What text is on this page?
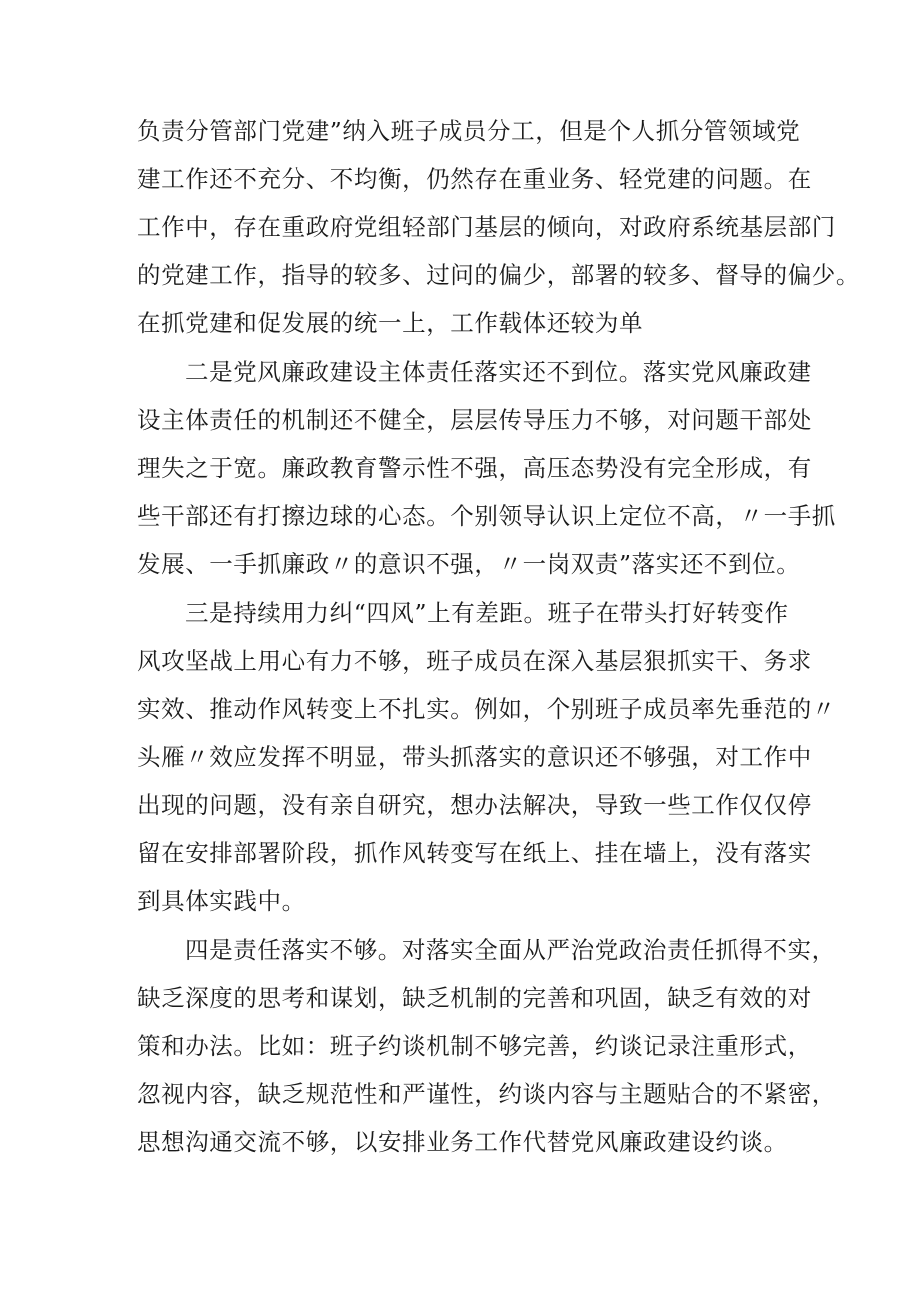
负责分管部门党建”纳入班子成员分工，但是个人抓分管领域党
建工作还不充分、不均衡，仍然存在重业务、轻党建的问题。在
工作中，存在重政府党组轻部门基层的倾向，对政府系统基层部门
的党建工作，指导的较多、过问的偏少，部署的较多、督导的偏少。
在抓党建和促发展的统一上，工作载体还较为单
二是党风廉政建设主体责任落实还不到位。落实党风廉政建
设主体责任的机制还不健全，层层传导压力不够，对问题干部处
理失之于宽。廉政教育警示性不强，高压态势没有完全形成，有
些干部还有打擦边球的心态。个别领导认识上定位不高，〃一手抓
发展、一手抓廉政〃的意识不强，〃一岗双责”落实还不到位。
三是持续用力纠“四风”上有差距。班子在带头打好转变作
风攻坚战上用心有力不够，班子成员在深入基层狠抓实干、务求
实效、推动作风转变上不扎实。例如，个别班子成员率先垂范的〃
头雁〃效应发挥不明显，带头抓落实的意识还不够强，对工作中
出现的问题，没有亲自研究，想办法解决，导致一些工作仅仅停
留在安排部署阶段，抓作风转变写在纸上、挂在墙上，没有落实
到具体实践中。
四是责任落实不够。对落实全面从严治党政治责任抓得不实，
缺乏深度的思考和谋划，缺乏机制的完善和巩固，缺乏有效的对
策和办法。比如：班子约谈机制不够完善，约谈记录注重形式，
忽视内容，缺乏规范性和严谨性，约谈内容与主题贴合的不紧密，
思想沟通交流不够，以安排业务工作代替党风廉政建设约谈。
